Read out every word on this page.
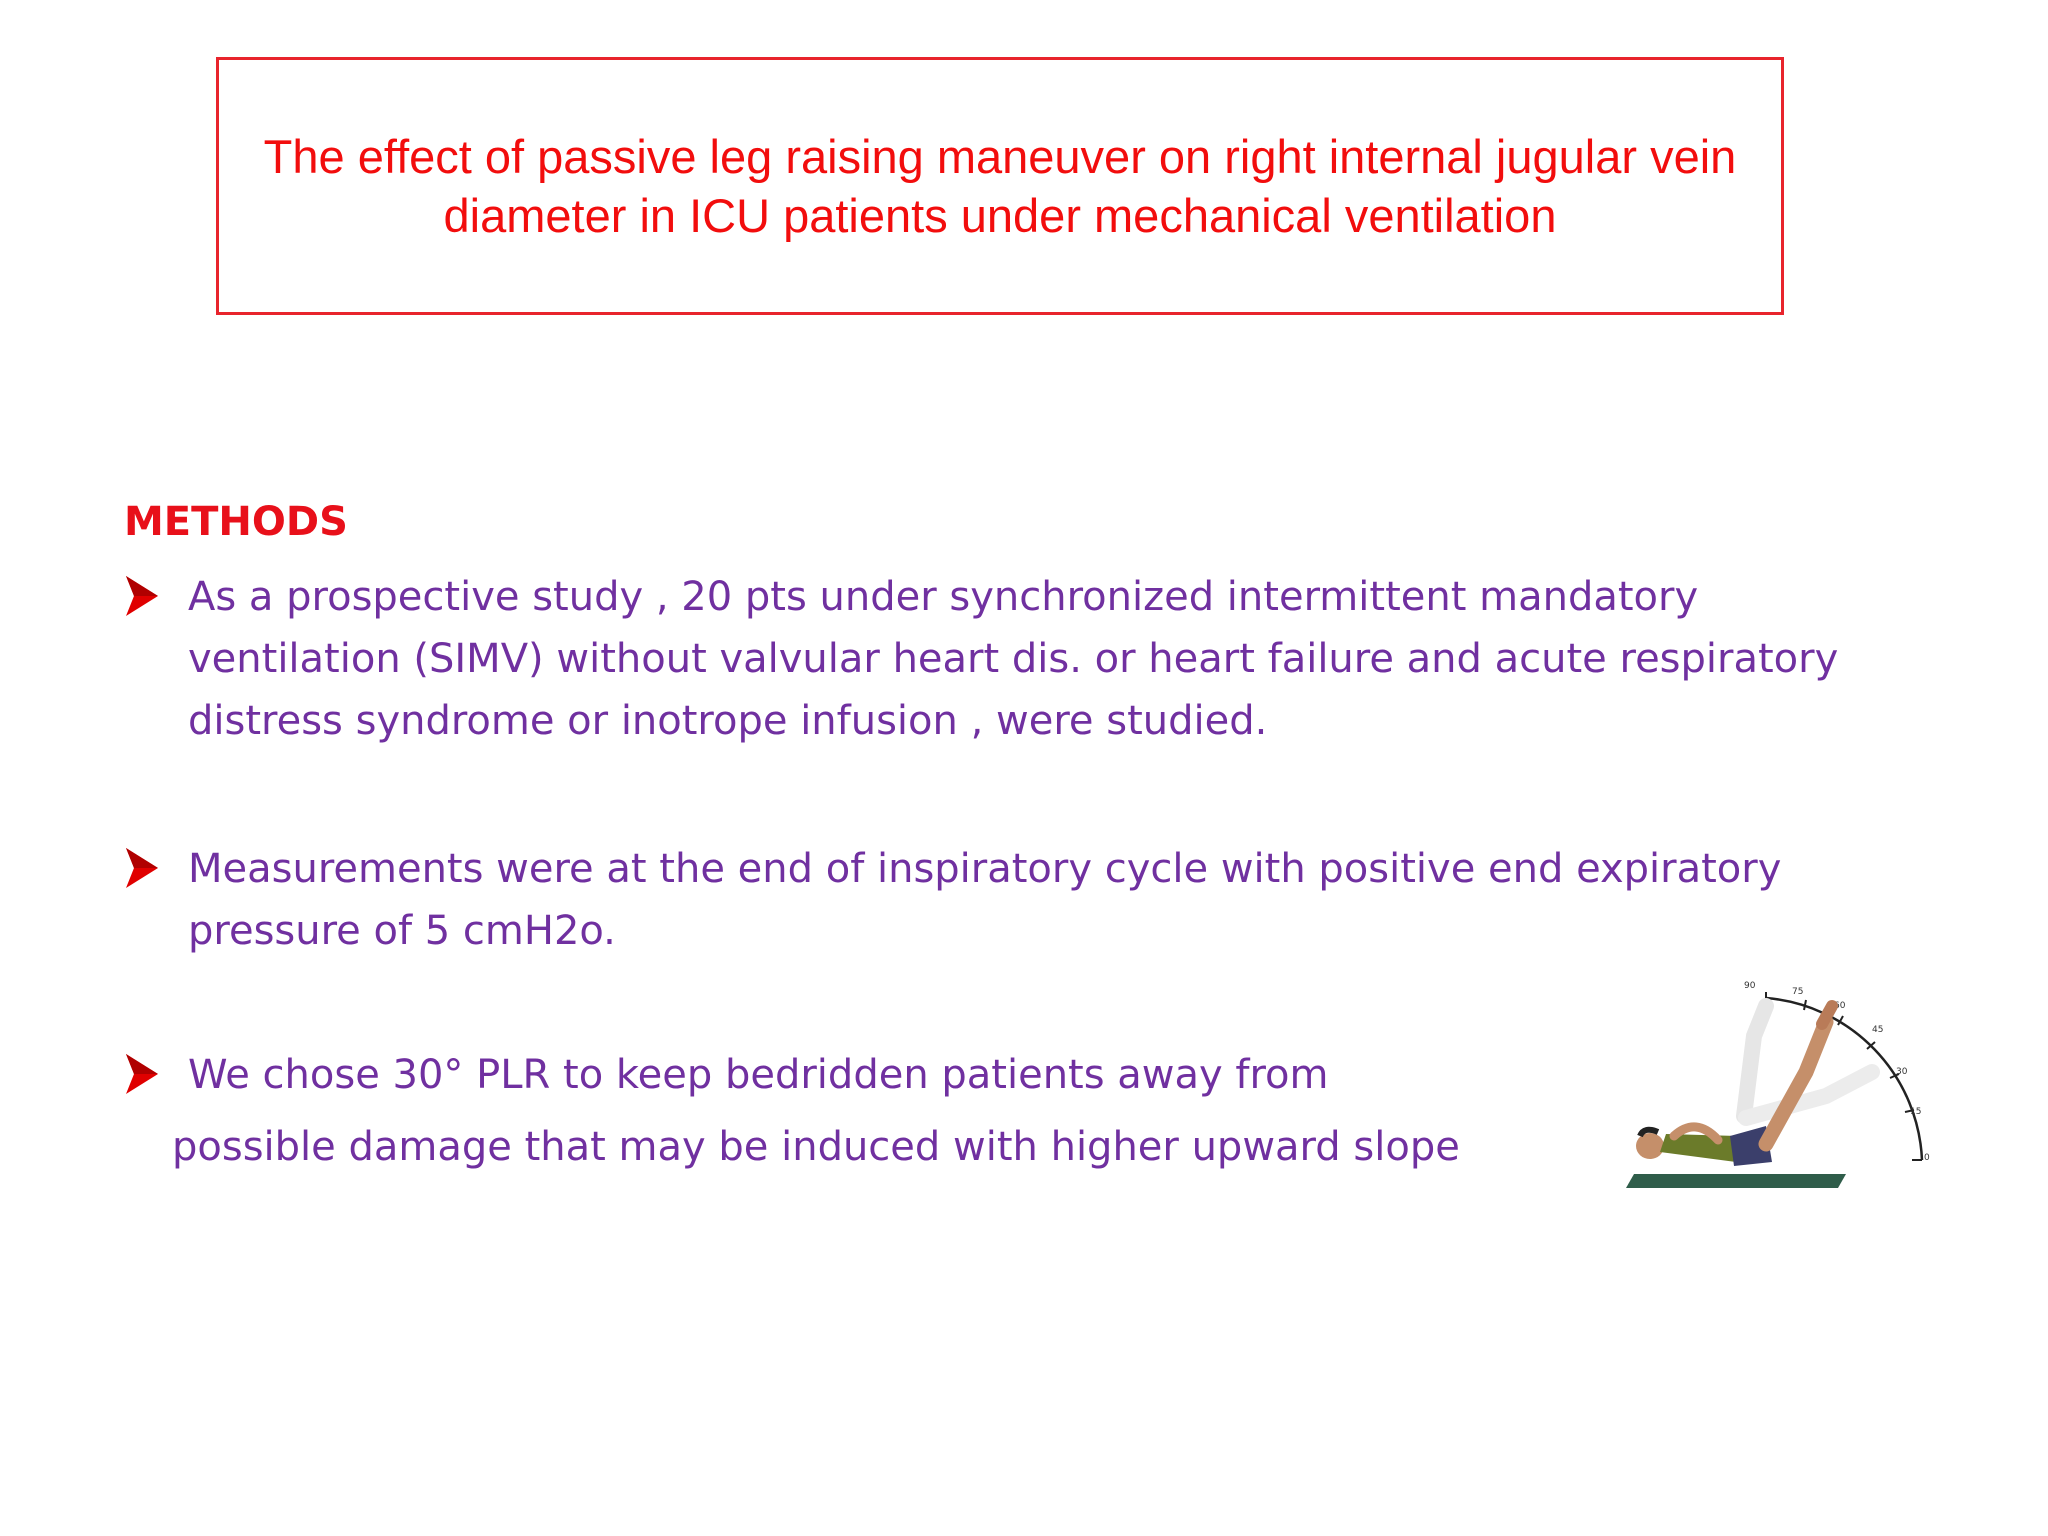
The effect of passive leg raising maneuver on right internal jugular vein diameter in ICU patients under mechanical ventilation
METHODS
As a prospective study , 20 pts under synchronized intermittent mandatory
ventilation (SIMV) without valvular heart dis. or heart failure and acute respiratory
distress syndrome or inotrope infusion , were studied.
Measurements were at the end of inspiratory cycle with positive end expiratory
pressure of 5 cmH2o.
We chose 30° PLR to keep bedridden patients away from
possible damage that may be induced with higher upward slope
90
75
60
45
30
15
0
